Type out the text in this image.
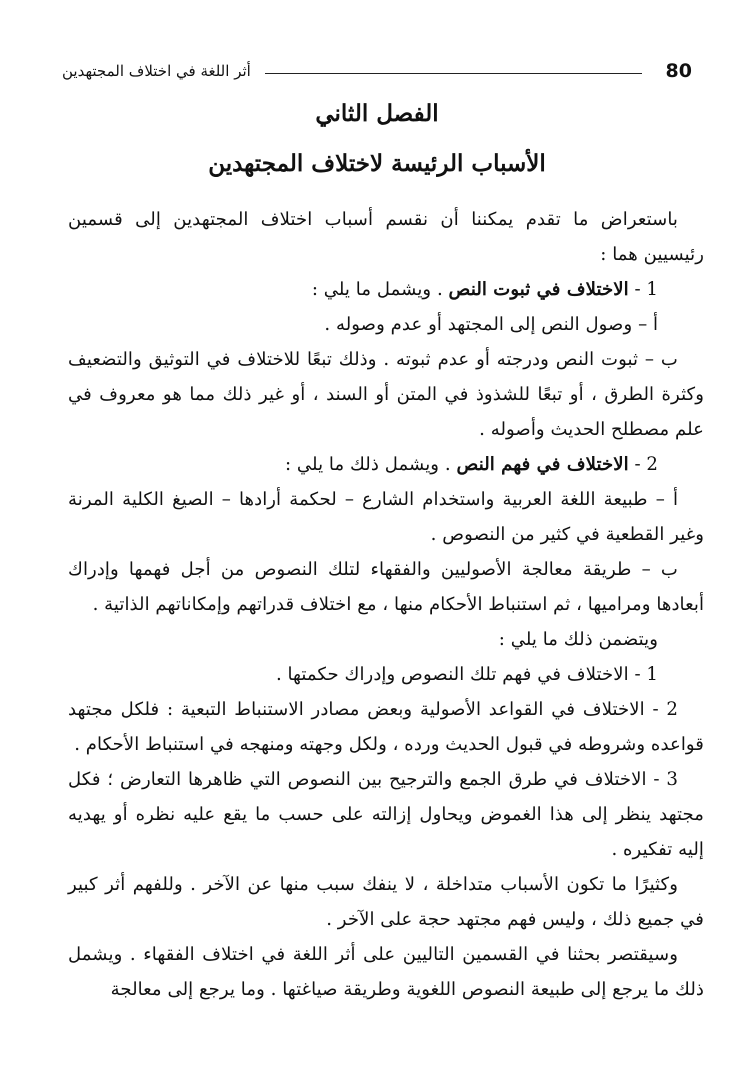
80
أثر اللغة في اختلاف المجتهدين
الفصل الثاني
الأسباب الرئيسة لاختلاف المجتهدين

باستعراض ما تقدم يمكننا أن نقسم أسباب اختلاف المجتهدين إلى قسمين رئيسيين هما :

1 - الاختلاف في ثبوت النص . ويشمل ما يلي :

أ – وصول النص إلى المجتهد أو عدم وصوله .

ب – ثبوت النص ودرجته أو عدم ثبوته . وذلك تبعًا للاختلاف في التوثيق والتضعيف وكثرة الطرق ، أو تبعًا للشذوذ في المتن أو السند ، أو غير ذلك مما هو معروف في علم مصطلح الحديث وأصوله .

2 - الاختلاف في فهم النص . ويشمل ذلك ما يلي :

أ – طبيعة اللغة العربية واستخدام الشارع – لحكمة أرادها – الصيغ الكلية المرنة وغير القطعية في كثير من النصوص .

ب – طريقة معالجة الأصوليين والفقهاء لتلك النصوص من أجل فهمها وإدراك أبعادها ومراميها ، ثم استنباط الأحكام منها ، مع اختلاف قدراتهم وإمكاناتهم الذاتية .

ويتضمن ذلك ما يلي :

1 - الاختلاف في فهم تلك النصوص وإدراك حكمتها .

2 - الاختلاف في القواعد الأصولية وبعض مصادر الاستنباط التبعية : فلكل مجتهد قواعده وشروطه في قبول الحديث ورده ، ولكل وجهته ومنهجه في استنباط الأحكام .

3 - الاختلاف في طرق الجمع والترجيح بين النصوص التي ظاهرها التعارض ؛ فكل مجتهد ينظر إلى هذا الغموض ويحاول إزالته على حسب ما يقع عليه نظره أو يهديه إليه تفكيره .

وكثيرًا ما تكون الأسباب متداخلة ، لا ينفك سبب منها عن الآخر . وللفهم أثر كبير في جميع ذلك ، وليس فهم مجتهد حجة على الآخر .

وسيقتصر بحثنا في القسمين التاليين على أثر اللغة في اختلاف الفقهاء . ويشمل ذلك ما يرجع إلى طبيعة النصوص اللغوية وطريقة صياغتها . وما يرجع إلى معالجة
